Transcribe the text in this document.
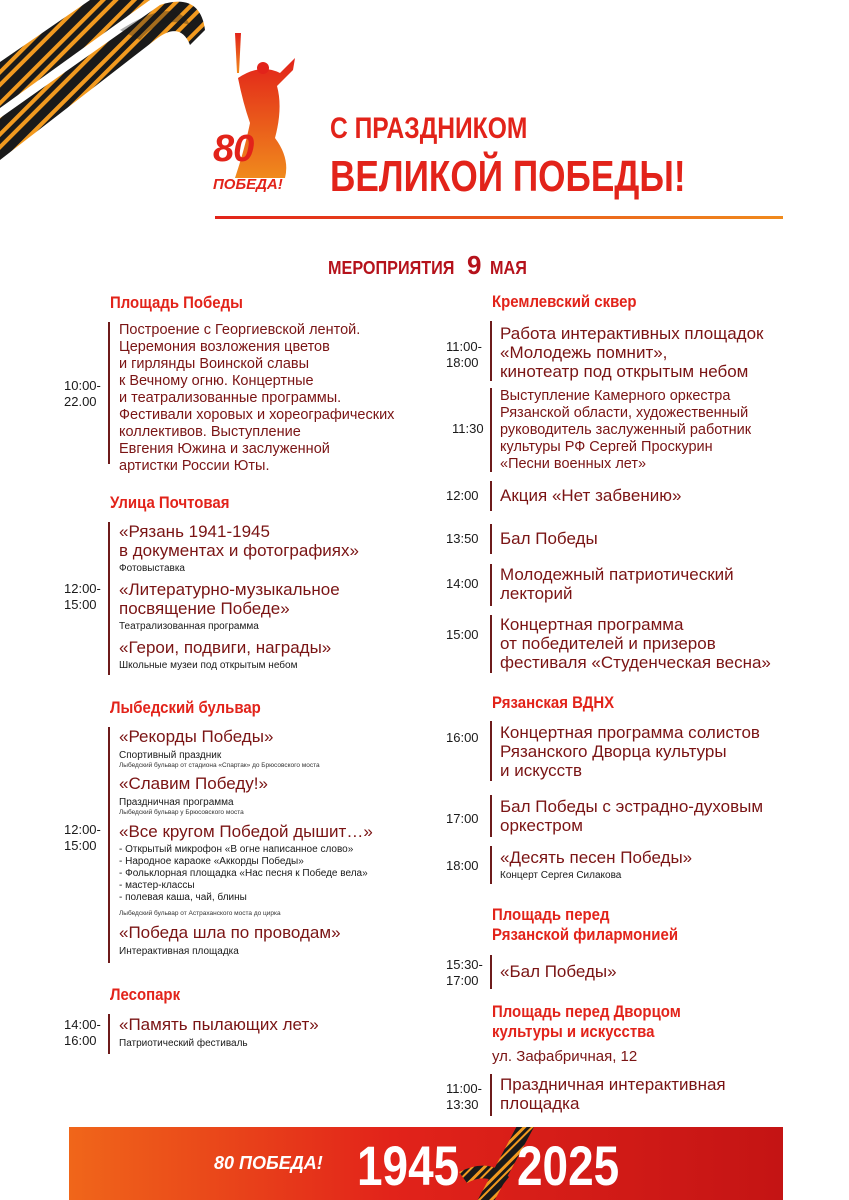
80
ПОБЕДА!
С ПРАЗДНИКОМ
ВЕЛИКОЙ ПОБЕДЫ!
МЕРОПРИЯТИЯ 9 МАЯ
Площадь Победы
10:00-
22.00
Построение с Георгиевской лентой.
Церемония возложения цветов
и гирлянды Воинской славы
к Вечному огню. Концертные
и театрализованные программы.
Фестивали хоровых и хореографических
коллективов. Выступление
Евгения Южина и заслуженной
артистки России Юты.
Улица Почтовая
12:00-
15:00
«Рязань 1941-1945
в документах и фотографиях»
Фотовыставка
«Литературно-музыкальное
посвящение Победе»
Театрализованная программа
«Герои, подвиги, награды»
Школьные музеи под открытым небом
Лыбедский бульвар
12:00-
15:00
«Рекорды Победы»
Спортивный праздник
Лыбедский бульвар от стадиона «Спартак» до Брюсовского моста
«Славим Победу!»
Праздничная программа
Лыбедский бульвар у Брюсовского моста
«Все кругом Победой дышит…»
- Открытый микрофон «В огне написанное слово»
- Народное караоке «Аккорды Победы»
- Фольклорная площадка «Нас песня к Победе вела»
- мастер-классы
- полевая каша, чай, блины
Лыбедский бульвар от Астраханского моста до цирка
«Победа шла по проводам»
Интерактивная площадка
Лесопарк
14:00-
16:00
«Память пылающих лет»
Патриотический фестиваль
Кремлевский сквер
11:00-
18:00
Работа интерактивных площадок
«Молодежь помнит»,
кинотеатр под открытым небом
11:30
Выступление Камерного оркестра
Рязанской области, художественный
руководитель заслуженный работник
культуры РФ Сергей Проскурин
«Песни военных лет»
12:00 Акция «Нет забвению»
13:50 Бал Победы
14:00 Молодежный патриотический
лекторий
15:00
Концертная программа
от победителей и призеров
фестиваля «Студенческая весна»
Рязанская ВДНХ
16:00 Концертная программа солистов
Рязанского Дворца культуры
и искусств
17:00
Бал Победы с эстрадно-духовым
оркестром
18:00 «Десять песен Победы»
Концерт Сергея Силакова
Площадь перед
Рязанской филармонией
15:30-
17:00 «Бал Победы»
Площадь перед Дворцом
культуры и искусства
ул. Зафабричная, 12
11:00-
13:30
Праздничная интерактивная
площадка
80 ПОБЕДА! 1945 2025
